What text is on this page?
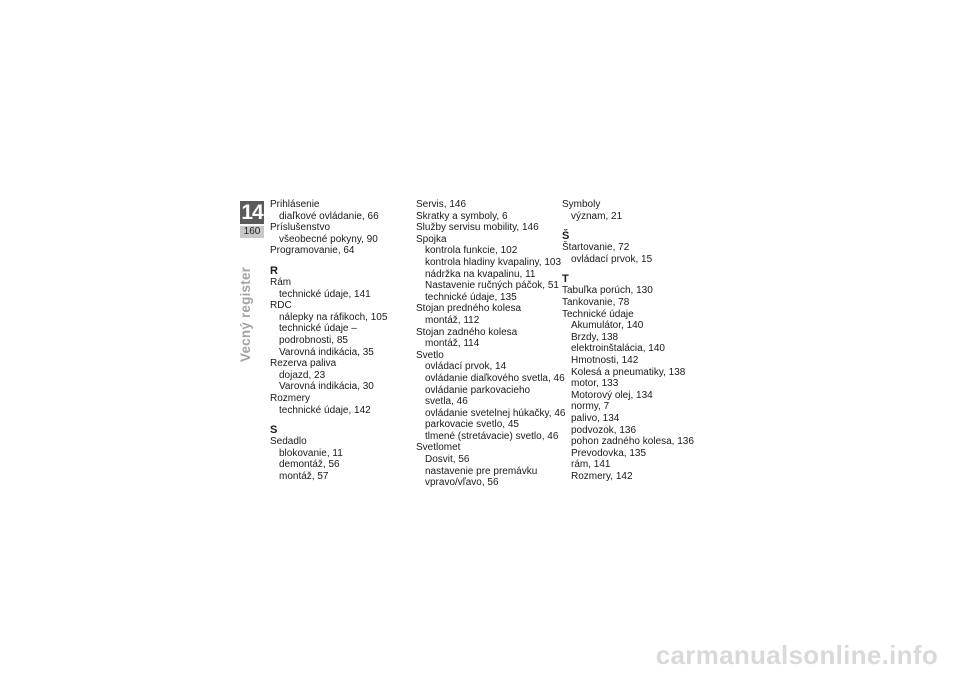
14
160
Vecný register
Prihlásenie
diaľkové ovládanie, 66
Príslušenstvo
všeobecné pokyny, 90
Programovanie, 64
R
Rám
technické údaje, 141
RDC
nálepky na ráfikoch, 105
technické údaje –
podrobnosti, 85
Varovná indikácia, 35
Rezerva paliva
dojazd, 23
Varovná indikácia, 30
Rozmery
technické údaje, 142
S
Sedadlo
blokovanie, 11
demontáž, 56
montáž, 57
Servis, 146
Skratky a symboly, 6
Služby servisu mobility, 146
Spojka
kontrola funkcie, 102
kontrola hladiny kvapaliny, 103
nádržka na kvapalinu, 11
Nastavenie ručných páčok, 51
technické údaje, 135
Stojan predného kolesa
montáž, 112
Stojan zadného kolesa
montáž, 114
Svetlo
ovládací prvok, 14
ovládanie diaľkového svetla, 46
ovládanie parkovacieho
svetla, 46
ovládanie svetelnej húkačky, 46
parkovacie svetlo, 45
tlmené (stretávacie) svetlo, 46
Svetlomet
Dosvit, 56
nastavenie pre premávku
vpravo/vľavo, 56
Symboly
význam, 21
Š
Štartovanie, 72
ovládací prvok, 15
T
Tabuľka porúch, 130
Tankovanie, 78
Technické údaje
Akumulátor, 140
Brzdy, 138
elektroinštalácia, 140
Hmotnosti, 142
Kolesá a pneumatiky, 138
motor, 133
Motorový olej, 134
normy, 7
palivo, 134
podvozok, 136
pohon zadného kolesa, 136
Prevodovka, 135
rám, 141
Rozmery, 142
carmanualsonline.info
